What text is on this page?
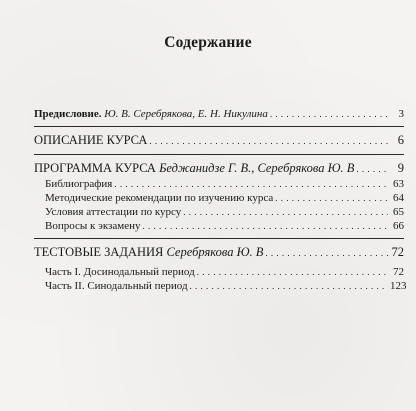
Содержание
Предисловие. Ю. В. Серебрякова, Е. Н. Никулина . . .	3
ОПИСАНИЕ КУРСА . . .	6
ПРОГРАММА КУРСА Беджанидзе Г. В., Серебрякова Ю. В . . .	9
Библиография . . .	63
Методические рекомендации по изучению курса . . .	64
Условия аттестации по курсу . . .	65
Вопросы к экзамену . . .	66
ТЕСТОВЫЕ ЗАДАНИЯ Серебрякова Ю. В . . .	72
Часть I. Досинодальный период . . .	72
Часть II. Синодальный период . . .	123
